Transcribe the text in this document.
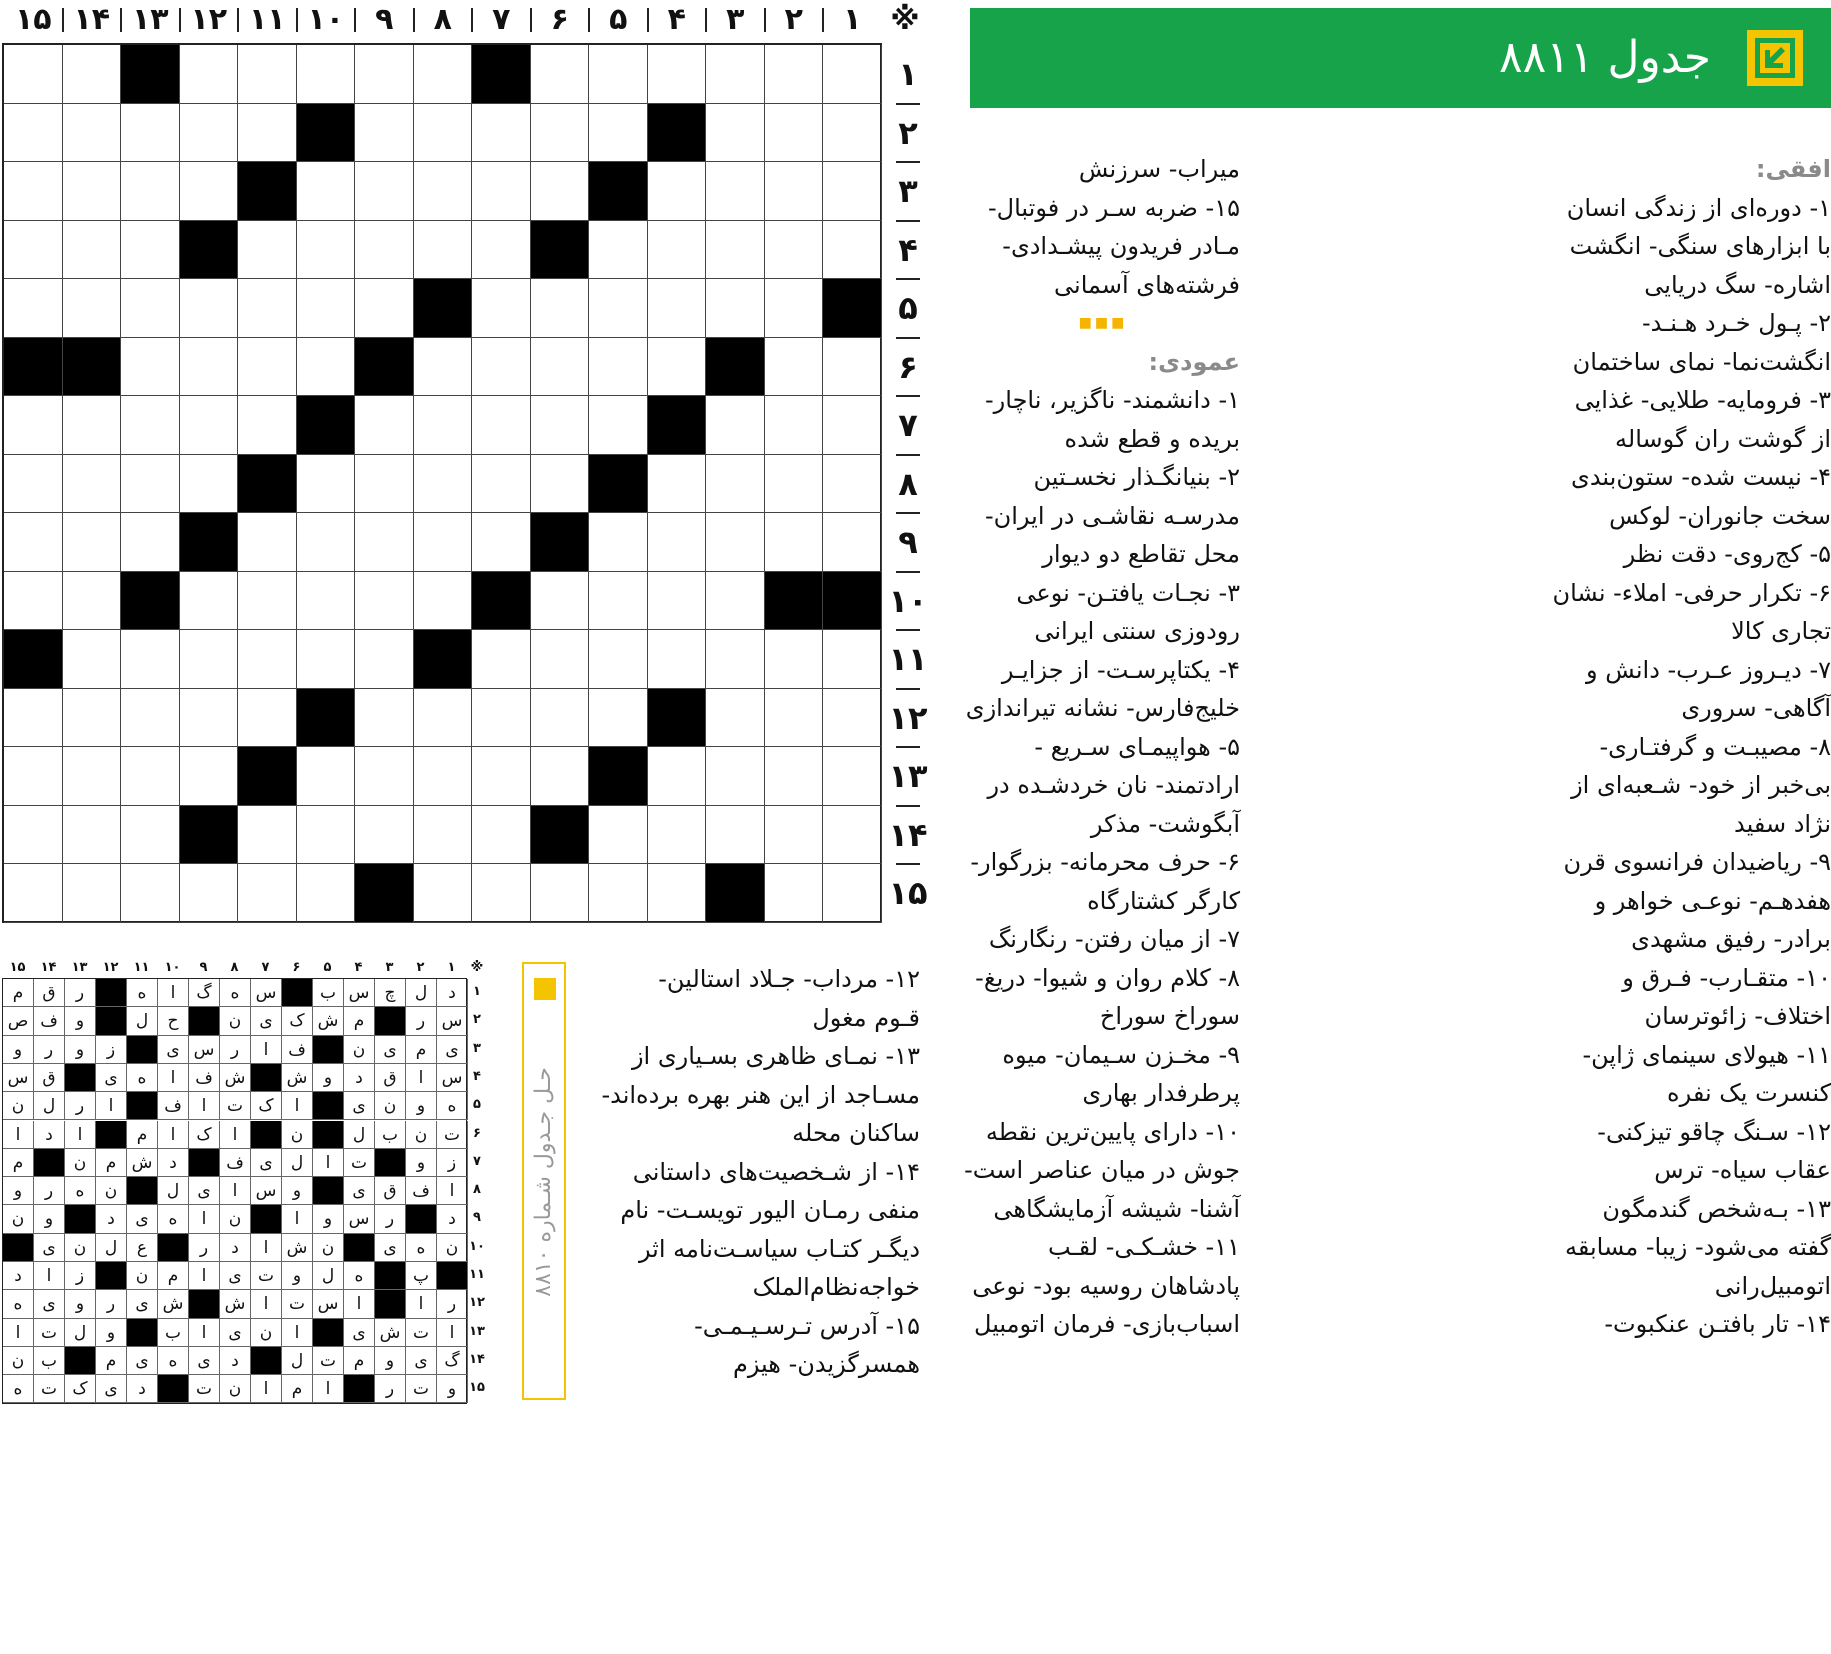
۱
۲
۳
۴
۵
۶
۷
۸
۹
۱۰
۱۱
۱۲
۱۳
۱۴
۱۵	※
۱
۲
۳
۴
۵
۶
۷
۸
۹
۱۰
۱۱
۱۲
۱۳
۱۴
۱۵
جدول ۸۸۱۱
افقی:
۱- دوره‌ای از زندگی انسان
با ابزارهای سنگی- انگشت
اشاره- سگ دریایی
۲- پـول خـرد هـنـد-
انگشت‌نما- نمای ساختمان
۳- فرومایه- طلایی- غذایی
از گوشت ران گوساله
۴- نیست شده- ستون‌بندی
سخت جانوران- لوکس
۵- کج‌روی- دقت نظر
۶- تکرار حرفی- املاء- نشان
تجاری کالا
۷- دیـروز عـرب- دانش و
آگاهی- سروری
۸- مصیبـت و گرفتـاری-
بی‌خبر از خود- شـعبه‌ای از
نژاد سفید
۹- ریاضیدان فرانسوی قرن
هفدهـم- نوعـی خواهر و
برادر- رفیق مشهدی
۱۰- متقـارب- فـرق و
اختلاف- زائوترسان
۱۱- هیولای سینمای ژاپن-
کنسرت یک نفره
۱۲- سـنگ چاقو تیزکنی-
عقاب سیاه- ترس
۱۳- بـه‌شخص گندمگون
گفته می‌شود- زیبا- مسابقه
اتومبیل‌رانی
۱۴- تار بافتـن عنکبوت-
میراب- سرزنش
۱۵- ضربه سـر در فوتبال-
مـادر فریدون پیشـدادی-
فرشته‌های آسمانی
■■■
عمودی:
۱- دانشمند- ناگزیر، ناچار-
بریده و قطع شده
۲- بنیانگـذار نخسـتین
مدرسـه نقاشـی در ایران-
محل تقاطع دو دیوار
۳- نجـات یافتـن- نوعی
رودوزی سنتی ایرانی
۴- یکتاپرسـت- از جزایـر
خلیج‌فارس- نشانه تیراندازی
۵- هواپیمـای سـریع -
ارادتمند- نان خردشـده در
آبگوشت- مذکر
۶- حرف محرمانه- بزرگوار-
کارگر کشتارگاه
۷- از میان رفتن- رنگارنگ
۸- کلام روان و شیوا- دریغ-
سوراخ سوراخ
۹- مخـزن سـیمان- میوه
پرطرفدار بهاری
۱۰- دارای پایین‌ترین نقطه
جوش در میان عناصر است-
آشنا- شیشه آزمایشگاهی
۱۱- خشـکـی- لقـب
پادشاهان روسیه بود- نوعی
اسباب‌بازی- فرمان اتومبیل
۱۲- مرداب- جـلاد استالین-
قـوم مغول
۱۳- نمـای ظاهری بسـیاری از
مسـاجد از این هنر بهره برده‌اند-
ساکنان محله
۱۴- از شـخصیت‌های داستانی
منفی رمـان الیور تویسـت- نام
دیگـر کتـاب سیاسـت‌نامه اثر
خواجه‌نظام‌الملک
۱۵- آدرس تـرسـیـمـی-
همسرگزیدن- هیزم
حـل جـدول شـماره ۸۸۱۰
۱
۲
۳
۴
۵
۶
۷
۸
۹
۱۰
۱۱
۱۲
۱۳
۱۴
۱۵	※
د
ل
چ
س
ب
س
ه
گ
ا
ه
ر
ق
م
س
ر
م
ش
ک
ی
ن
ح
ل
و
ف
ص
ی
م
ی
ن
ف
ا
ر
س
ی
ز
و
ر
و
س
ا
ق
د
و
ش
ش
ف
ا
ه
ی
ق
س
ه
و
ن
ی
ا
ک
ت
ا
ف
ا
ر
ل
ن
ت
ن
ب
ل
ن
ا
ک
ا
م
ا
د
ا
ز
و
ت
ا
ل
ی
ف
د
ش
م
ن
م
ا
ف
ق
ی
و
س
ا
ی
ل
ن
ه
ر
و
د
ر
س
و
ا
ن
ا
ه
ی
د
و
ن
ن
ه
ی
ن
ش
ا
د
ر
ع
ل
ن
ی
پ
ه
ل
و
ت
ی
ا
م
ن
ز
ا
د
ر
ا
ا
س
ت
ا
ش
ش
ی
ر
و
ی
ه
ا
ت
ش
ی
ا
ن
ی
ا
ب
و
ل
ت
ا
گ
ی
و
م
ت
ل
د
ی
ه
ی
م
ب
ن
و
ت
ر
ا
م
ا
ن
ت
د
ی
ک
ت
ه
۱
۲
۳
۴
۵
۶
۷
۸
۹
۱۰
۱۱
۱۲
۱۳
۱۴
۱۵
